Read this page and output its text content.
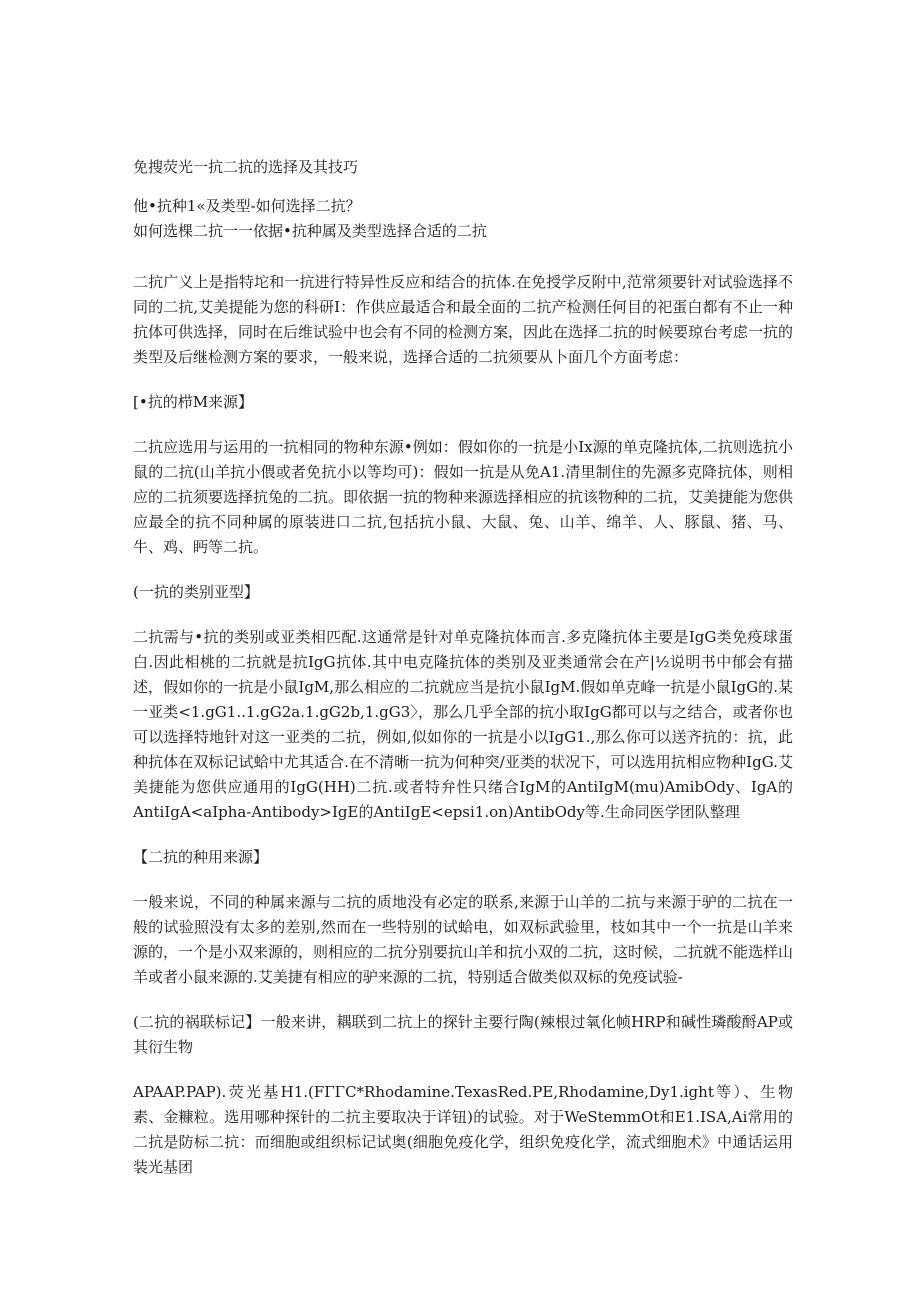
免搜荧光一抗二抗的选择及其技巧
他•抗种1«及类型-如何选择二抗？
如何选棵二抗一一依据•抗种属及类型选择合适的二抗

二抗广义上是指特坨和一抗进行特异性反应和结合的抗体.在免授学反附中,范常须要针对试验选择不同的二抗,艾美提能为您的科研I：作供应最适合和最全面的二抗产检测任何目的祀蛋白都有不止一种抗体可供选择，同时在后维试验中也会有不同的检测方案，因此在选择二抗的时候要琼台考虑一抗的类型及后继检测方案的要求，一般来说，选择合适的二抗须要从卜面几个方面考虑：

[•抗的栉M来源】

二抗应选用与运用的一抗相同的物种东源•例如：假如你的一抗是小Ix源的单克隆抗体,二抗则选抗小鼠的二抗(山羊抗小偎或者免抗小以等均可)：假如一抗是从免A1.清里制住的先源多克降抗体，则相应的二抗须要选择抗兔的二抗。即依据一抗的物种来源选择相应的抗该物种的二抗，艾美捷能为您供应最全的抗不同种属的原装进口二抗,包括抗小鼠、大鼠、兔、山羊、绵羊、人、豚鼠、猪、马、牛、鸡、眄等二抗。

(一抗的类别亚型】

二抗需与•抗的类别或亚类相匹配.这通常是针对单克隆抗体而言.多克隆抗体主要是IgG类免疫球蛋白.因此相桃的二抗就是抗IgG抗体.其中电克隆抗体的类别及亚类通常会在产|½说明书中郁会有描述，假如你的一抗是小鼠IgM,那么相应的二抗就应当是抗小鼠IgM.假如单克峰一抗是小鼠IgG的.某一亚类<1.gG1..1.gG2a.1.gG2b,1.gG3〉，那么几乎全部的抗小取IgG都可以与之结合，或者你也可以选择特地针对这一亚类的二抗，例如,似如你的一抗是小以IgG1.,那么你可以送齐抗的：抗，此种抗体在双标记试蛤中尤其适合.在不清晰一抗为何种突/亚类的状况下，可以选用抗相应物种IgG.艾美捷能为您供应通用的IgG(HH)二抗.或者特弁性只绪合IgM的AntiIgM(mu)AmibOdy、IgA的AntiIgA<aIpha-Antibody>IgE的AntiIgE<epsi1.on)AntibOdy等.生命同医学团队整理

【二抗的种用来源】

一般来说，不同的种属来源与二抗的质地没有必定的联系,来源于山羊的二抗与来源于驴的二抗在一般的试验照没有太多的差别,然而在一些特别的试蛤电，如双标武验里，枝如其中一个一抗是山羊来源的，一个是小双来源的，则相应的二抗分别要抗山羊和抗小双的二抗，这时候，二抗就不能选样山羊或者小鼠来源的.艾美捷有相应的驴来源的二抗，特别适合做类似双标的免疫试验-

(二抗的祸联标记】一般来讲，耦联到二抗上的探针主要行陶(辣根过氧化帧HRP和碱性璘酸酹AP或其衍生物

APAAP.PAP).荧光基H1.(FΓΓC*Rhodamine.TexasRed.PE,Rhodamine,Dy1.ight等）、生物素、金糠粒。选用哪种探针的二抗主要取决于详钮)的试验。对于WeStemmOt和E1.ISA,Ai常用的二抗是防标二抗：而细胞或组织标记试奥(细胞免疫化学，组织免疫化学，流式细胞术》中通话运用装光基团
